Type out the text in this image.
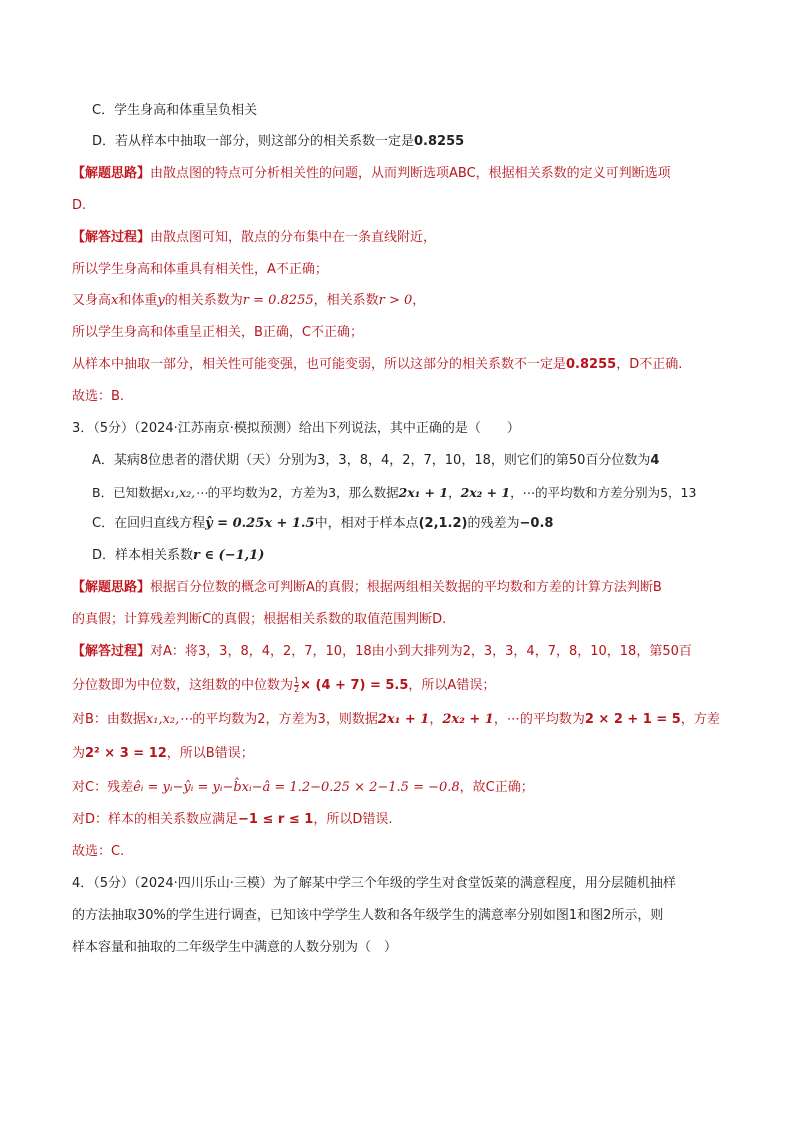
C．学生身高和体重呈负相关
D．若从样本中抽取一部分，则这部分的相关系数一定是0.8255
【解题思路】由散点图的特点可分析相关性的问题，从而判断选项ABC，根据相关系数的定义可判断选项
D.
【解答过程】由散点图可知，散点的分布集中在一条直线附近，
所以学生身高和体重具有相关性，A不正确；
又身高x和体重y的相关系数为r = 0.8255，相关系数r > 0，
所以学生身高和体重呈正相关，B正确，C不正确；
从样本中抽取一部分，相关性可能变强，也可能变弱，所以这部分的相关系数不一定是0.8255，D不正确.
故选：B.
3．（5分）（2024·江苏南京·模拟预测）给出下列说法，其中正确的是（　　）
A．某病8位患者的潜伏期（天）分别为3，3，8，4，2，7，10，18，则它们的第50百分位数为4
B．已知数据x₁,x₂,⋯的平均数为2，方差为3，那么数据2x₁ + 1，2x₂ + 1，⋯的平均数和方差分别为5，13
C．在回归直线方程ŷ = 0.25x + 1.5中，相对于样本点(2,1.2)的残差为−0.8
D．样本相关系数r ∈ (−1,1)
【解题思路】根据百分位数的概念可判断A的真假；根据两组相关数据的平均数和方差的计算方法判断B
的真假；计算残差判断C的真假；根据相关系数的取值范围判断D.
【解答过程】对A：将3，3，8，4，2，7，10，18由小到大排列为2，3，3，4，7，8，10，18，第50百
分位数即为中位数，这组数的中位数为 $\frac{1}{2} \times (4 + 7) = 5.5$，所以A错误；
对B：由数据x₁,x₂,⋯的平均数为2，方差为3，则数据2x₁ + 1，2x₂ + 1，⋯的平均数为2 × 2 + 1 = 5，方差
为2² × 3 = 12，所以B错误；
对C：残差êᵢ = yᵢ−ŷᵢ = yᵢ−b̂xᵢ−â = 1.2−0.25 × 2−1.5 = −0.8，故C正确；
对D：样本的相关系数应满足−1 ≤ r ≤ 1，所以D错误.
故选：C.
4．（5分）（2024·四川乐山·三模）为了解某中学三个年级的学生对食堂饭菜的满意程度，用分层随机抽样
的方法抽取30%的学生进行调查，已知该中学学生人数和各年级学生的满意率分别如图1和图2所示，则
样本容量和抽取的二年级学生中满意的人数分别为（　）
